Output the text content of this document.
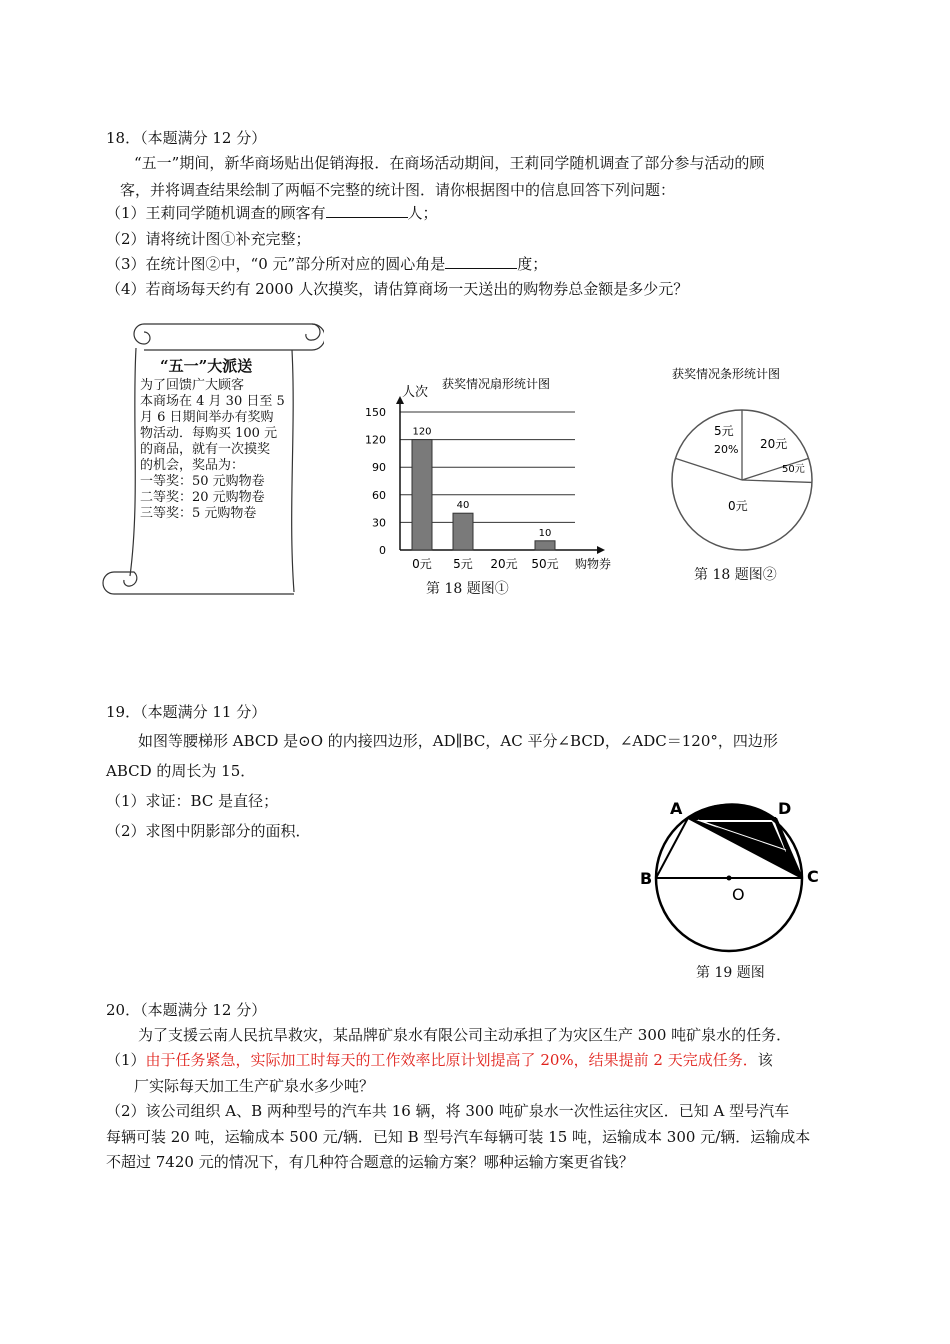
18．（本题满分 12 分）
“五一”期间，新华商场贴出促销海报．在商场活动期间，王莉同学随机调查了部分参与活动的顾
客，并将调查结果绘制了两幅不完整的统计图．请你根据图中的信息回答下列问题：
（1）王莉同学随机调查的顾客有	人；
（2）请将统计图①补充完整；
（3）在统计图②中，“0 元”部分所对应的圆心角是	度；
（4）若商场每天约有 2000 人次摸奖，请估算商场一天送出的购物券总金额是多少元？
“五一”大派送
为了回馈广大顾客
本商场在 4 月 30 日至 5
月 6 日期间举办有奖购
物活动．每购买 100 元
的商品，就有一次摸奖
的机会，奖品为：
一等奖：50 元购物卷
二等奖：20 元购物卷
三等奖：5 元购物卷
获奖情况扇形统计图
人次
0
30
60
90
120
150
购物券
0元
120
5元
40
20元 50元
10
第 18 题图①
获奖情况条形统计图
5元
20% 20元
50元
0元
第 18 题图②
19．（本题满分 11 分）
如图等腰梯形 ABCD 是⊙O 的内接四边形，AD∥BC，AC 平分∠BCD，∠ADC＝120°，四边形
ABCD 的周长为 15．
（1）求证：BC 是直径；
（2）求图中阴影部分的面积．
B
A	D
C
O
第 19 题图
20．（本题满分 12 分）
为了支援云南人民抗旱救灾，某品牌矿泉水有限公司主动承担了为灾区生产 300 吨矿泉水的任务．
（1）由于任务紧急，实际加工时每天的工作效率比原计划提高了 20%，结果提前 2 天完成任务．该
厂实际每天加工生产矿泉水多少吨？
（2）该公司组织 A、B 两种型号的汽车共 16 辆，将 300 吨矿泉水一次性运往灾区．已知 A 型号汽车
每辆可装 20 吨，运输成本 500 元/辆．已知 B 型号汽车每辆可装 15 吨，运输成本 300 元/辆．运输成本
不超过 7420 元的情况下，有几种符合题意的运输方案？哪种运输方案更省钱？
